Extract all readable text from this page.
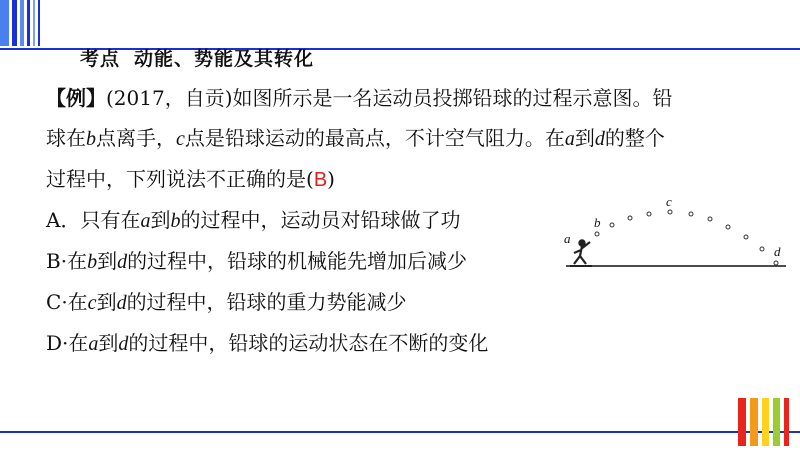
考点 动能、势能及其转化

【例】(2017，自贡)如图所示是一名运动员投掷铅球的过程示意图。铅

球在b点离手，c点是铅球运动的最高点，不计空气阻力。在a到d的整个

过程中，下列说法不正确的是(B)

A．只有在a到b的过程中，运动员对铅球做了功

B·在b到d的过程中，铅球的机械能先增加后减少

C·在c到d的过程中，铅球的重力势能减少

D·在a到d的过程中，铅球的运动状态在不断的变化

a
b
c
d
